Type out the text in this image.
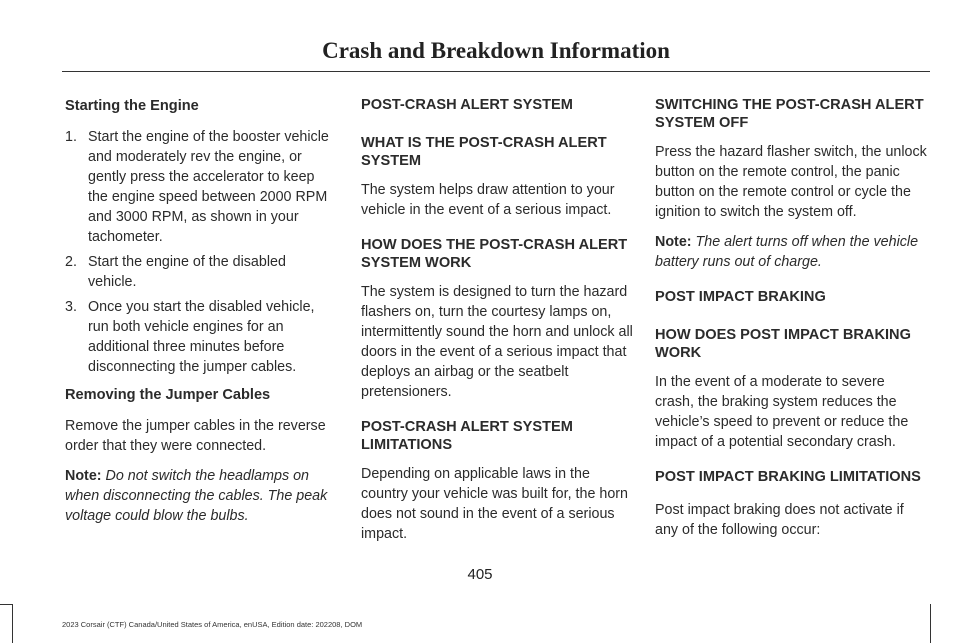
Crash and Breakdown Information
Starting the Engine
1. Start the engine of the booster vehicle and moderately rev the engine, or gently press the accelerator to keep the engine speed between 2000 RPM and 3000 RPM, as shown in your tachometer.
2. Start the engine of the disabled vehicle.
3. Once you start the disabled vehicle, run both vehicle engines for an additional three minutes before disconnecting the jumper cables.
Removing the Jumper Cables

Remove the jumper cables in the reverse order that they were connected.

Note: Do not switch the headlamps on when disconnecting the cables. The peak voltage could blow the bulbs.

POST-CRASH ALERT SYSTEM
WHAT IS THE POST-CRASH ALERT SYSTEM

The system helps draw attention to your vehicle in the event of a serious impact.

HOW DOES THE POST-CRASH ALERT SYSTEM WORK

The system is designed to turn the hazard flashers on, turn the courtesy lamps on, intermittently sound the horn and unlock all doors in the event of a serious impact that deploys an airbag or the seatbelt pretensioners.

POST-CRASH ALERT SYSTEM LIMITATIONS

Depending on applicable laws in the country your vehicle was built for, the horn does not sound in the event of a serious impact.

SWITCHING THE POST-CRASH ALERT SYSTEM OFF

Press the hazard flasher switch, the unlock button on the remote control, the panic button on the remote control or cycle the ignition to switch the system off.

Note: The alert turns off when the vehicle battery runs out of charge.

POST IMPACT BRAKING
HOW DOES POST IMPACT BRAKING WORK

In the event of a moderate to severe crash, the braking system reduces the vehicle’s speed to prevent or reduce the impact of a potential secondary crash.

POST IMPACT BRAKING LIMITATIONS

Post impact braking does not activate if any of the following occur:

405
2023 Corsair (CTF) Canada/United States of America, enUSA, Edition date: 202208, DOM
